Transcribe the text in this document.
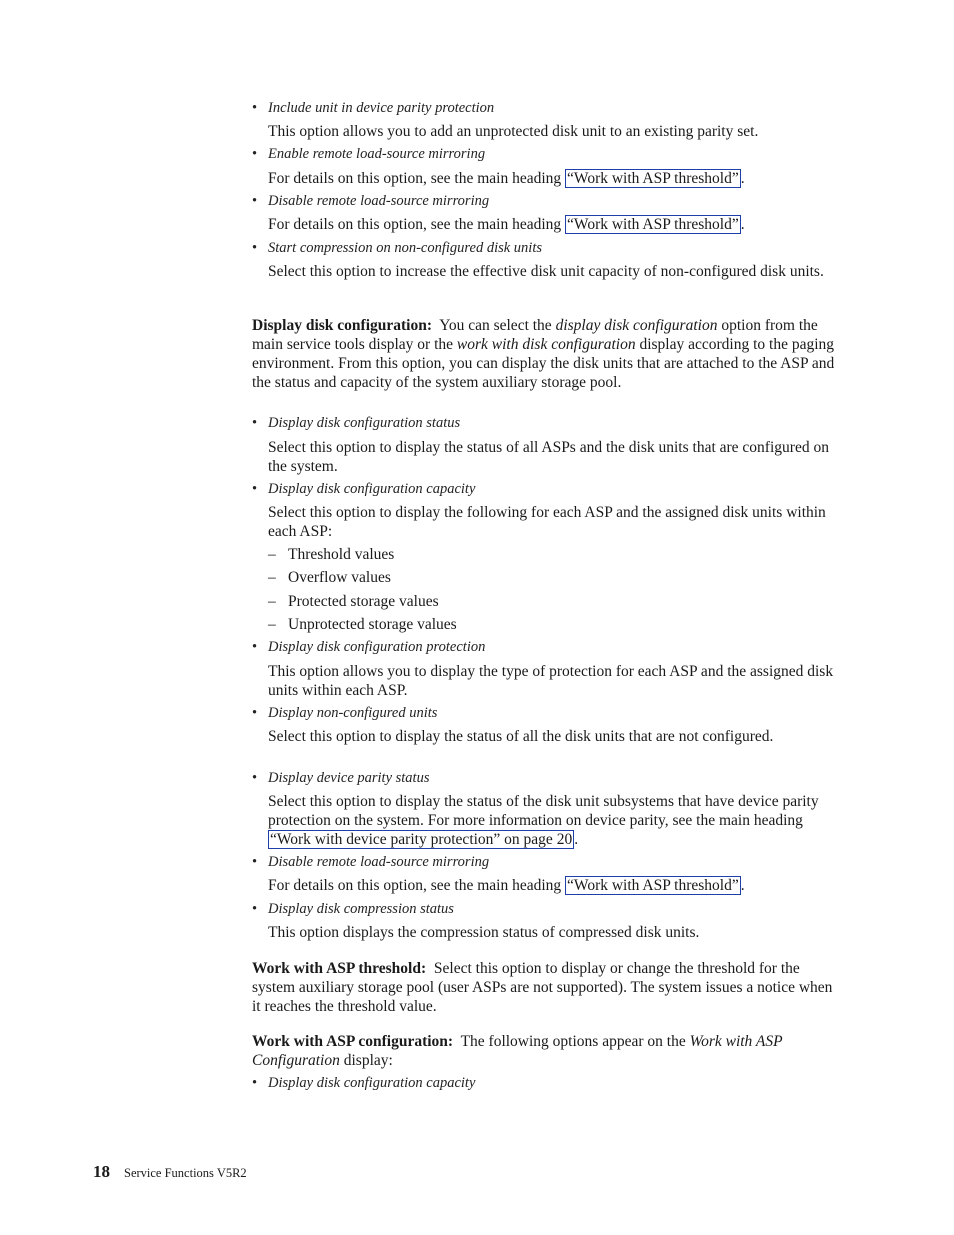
• Include unit in device parity protection
This option allows you to add an unprotected disk unit to an existing parity set.
• Enable remote load-source mirroring
For details on this option, see the main heading “Work with ASP threshold” .
• Disable remote load-source mirroring
For details on this option, see the main heading “Work with ASP threshold” .
• Start compression on non-configured disk units
Select this option to increase the effective disk unit capacity of non-configured disk units.
Display disk configuration:  You can select the display disk configuration option from the main service tools display or the work with disk configuration display according to the paging environment. From this option, you can display the disk units that are attached to the ASP and the status and capacity of the system auxiliary storage pool.
• Display disk configuration status
Select this option to display the status of all ASPs and the disk units that are configured on the system.
• Display disk configuration capacity
Select this option to display the following for each ASP and the assigned disk units within each ASP:
– Threshold values
– Overflow values
– Protected storage values
– Unprotected storage values
• Display disk configuration protection
This option allows you to display the type of protection for each ASP and the assigned disk units within each ASP.
• Display non-configured units
Select this option to display the status of all the disk units that are not configured.
• Display device parity status
Select this option to display the status of the disk unit subsystems that have device parity protection on the system. For more information on device parity, see the main heading “Work with device parity protection” on page 20 .
• Disable remote load-source mirroring
For details on this option, see the main heading “Work with ASP threshold” .
• Display disk compression status
This option displays the compression status of compressed disk units.
Work with ASP threshold:  Select this option to display or change the threshold for the system auxiliary storage pool (user ASPs are not supported). The system issues a notice when it reaches the threshold value.
Work with ASP configuration:  The following options appear on the Work with ASP Configuration display:
• Display disk configuration capacity
18 Service Functions V5R2
